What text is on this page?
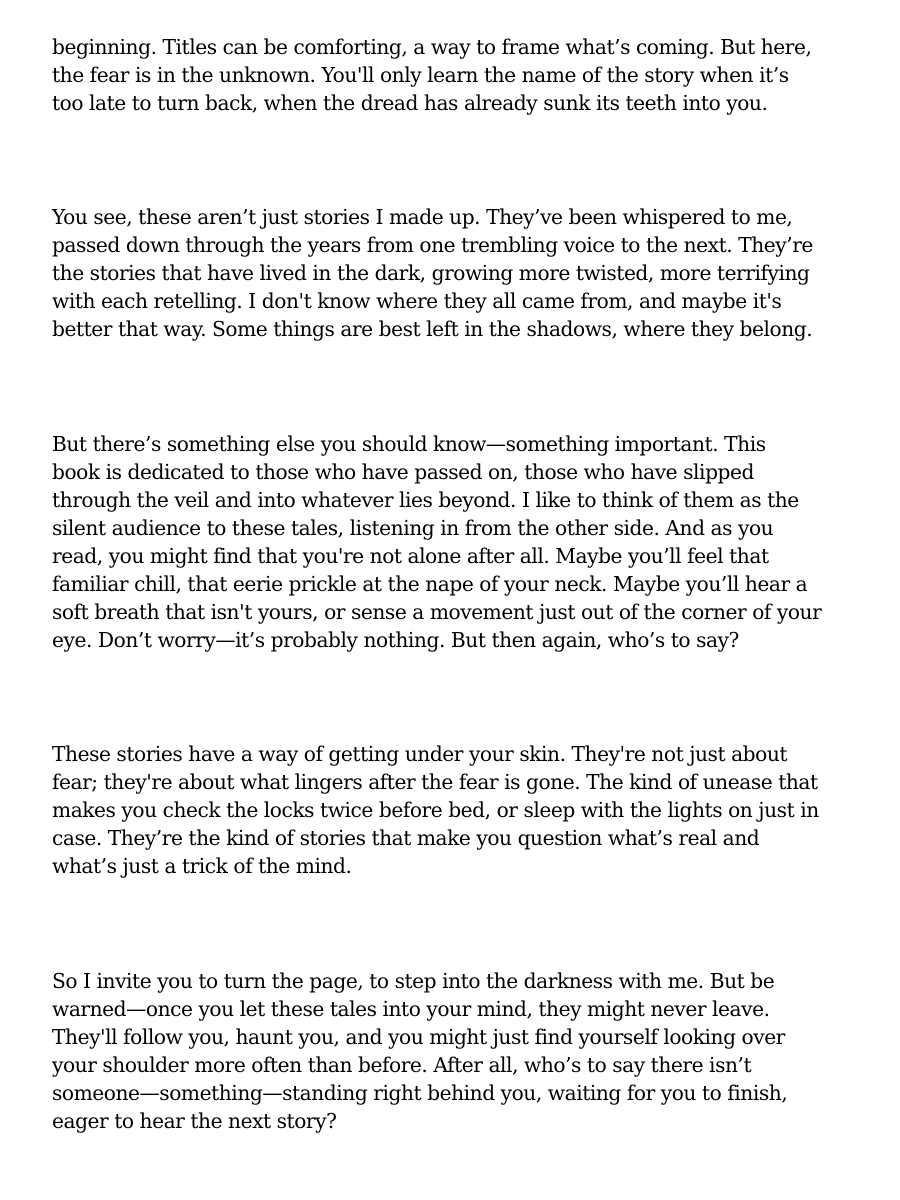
beginning. Titles can be comforting, a way to frame what’s coming. But here,
the fear is in the unknown. You'll only learn the name of the story when it’s
too late to turn back, when the dread has already sunk its teeth into you.

You see, these aren’t just stories I made up. They’ve been whispered to me,
passed down through the years from one trembling voice to the next. They’re
the stories that have lived in the dark, growing more twisted, more terrifying
with each retelling. I don't know where they all came from, and maybe it's
better that way. Some things are best left in the shadows, where they belong.

But there’s something else you should know—something important. This
book is dedicated to those who have passed on, those who have slipped
through the veil and into whatever lies beyond. I like to think of them as the
silent audience to these tales, listening in from the other side. And as you
read, you might find that you're not alone after all. Maybe you’ll feel that
familiar chill, that eerie prickle at the nape of your neck. Maybe you’ll hear a
soft breath that isn't yours, or sense a movement just out of the corner of your
eye. Don’t worry—it’s probably nothing. But then again, who’s to say?

These stories have a way of getting under your skin. They're not just about
fear; they're about what lingers after the fear is gone. The kind of unease that
makes you check the locks twice before bed, or sleep with the lights on just in
case. They’re the kind of stories that make you question what’s real and
what’s just a trick of the mind.

So I invite you to turn the page, to step into the darkness with me. But be
warned—once you let these tales into your mind, they might never leave.
They'll follow you, haunt you, and you might just find yourself looking over
your shoulder more often than before. After all, who’s to say there isn’t
someone—something—standing right behind you, waiting for you to finish,
eager to hear the next story?
